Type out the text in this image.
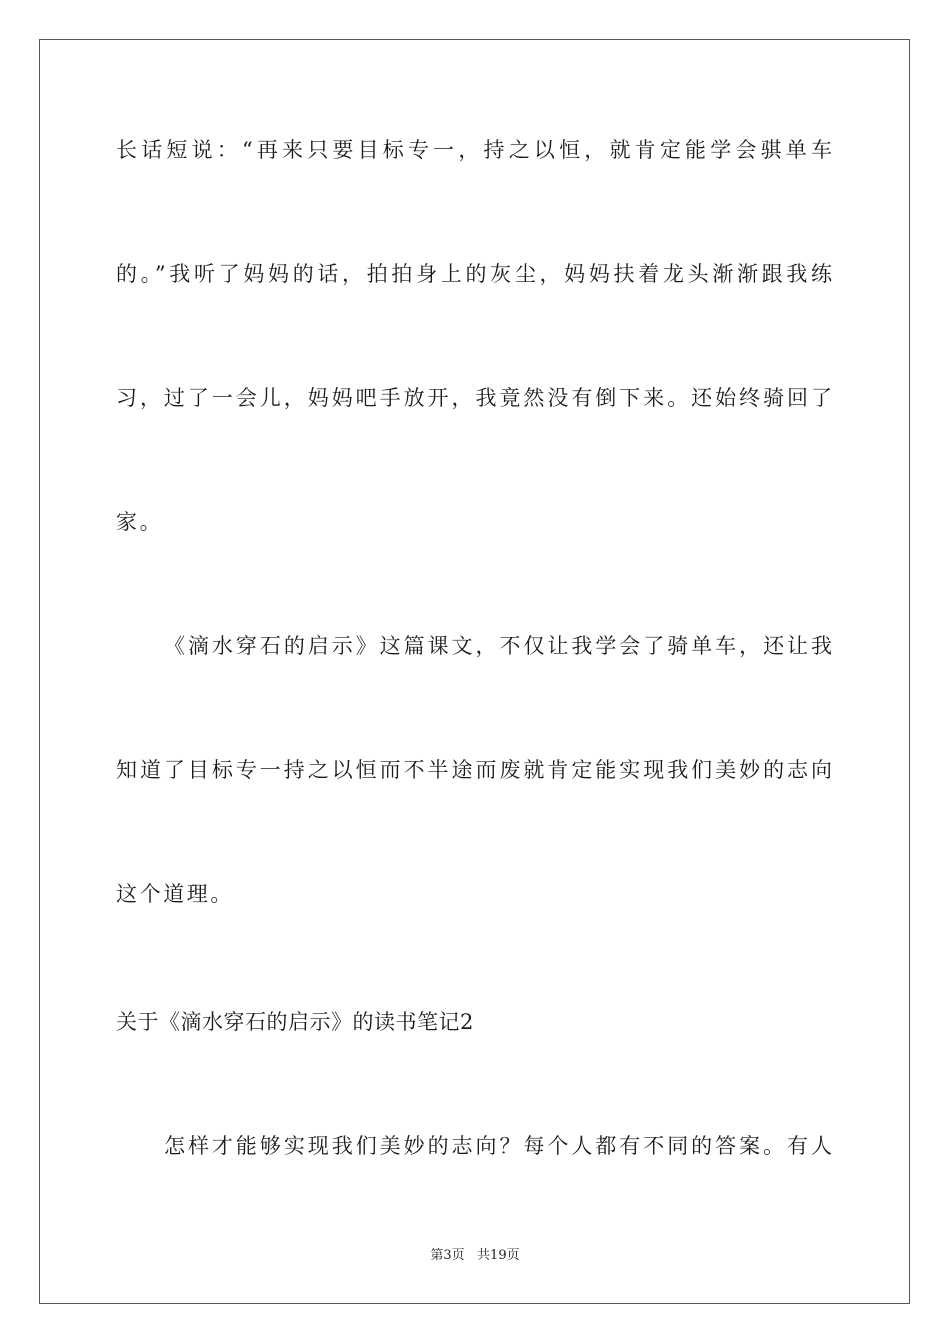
长话短说：“再来只要目标专一，持之以恒，就肯定能学会骐单车
的。”我听了妈妈的话，拍拍身上的灰尘，妈妈扶着龙头渐渐跟我练
习，过了一会儿，妈妈吧手放开，我竟然没有倒下来。还始终骑回了
家。
《滴水穿石的启示》这篇课文，不仅让我学会了骑单车，还让我
知道了目标专一持之以恒而不半途而废就肯定能实现我们美妙的志向
这个道理。
关于《滴水穿石的启示》的读书笔记2
怎样才能够实现我们美妙的志向？每个人都有不同的答案。有人
第3页   共19页
